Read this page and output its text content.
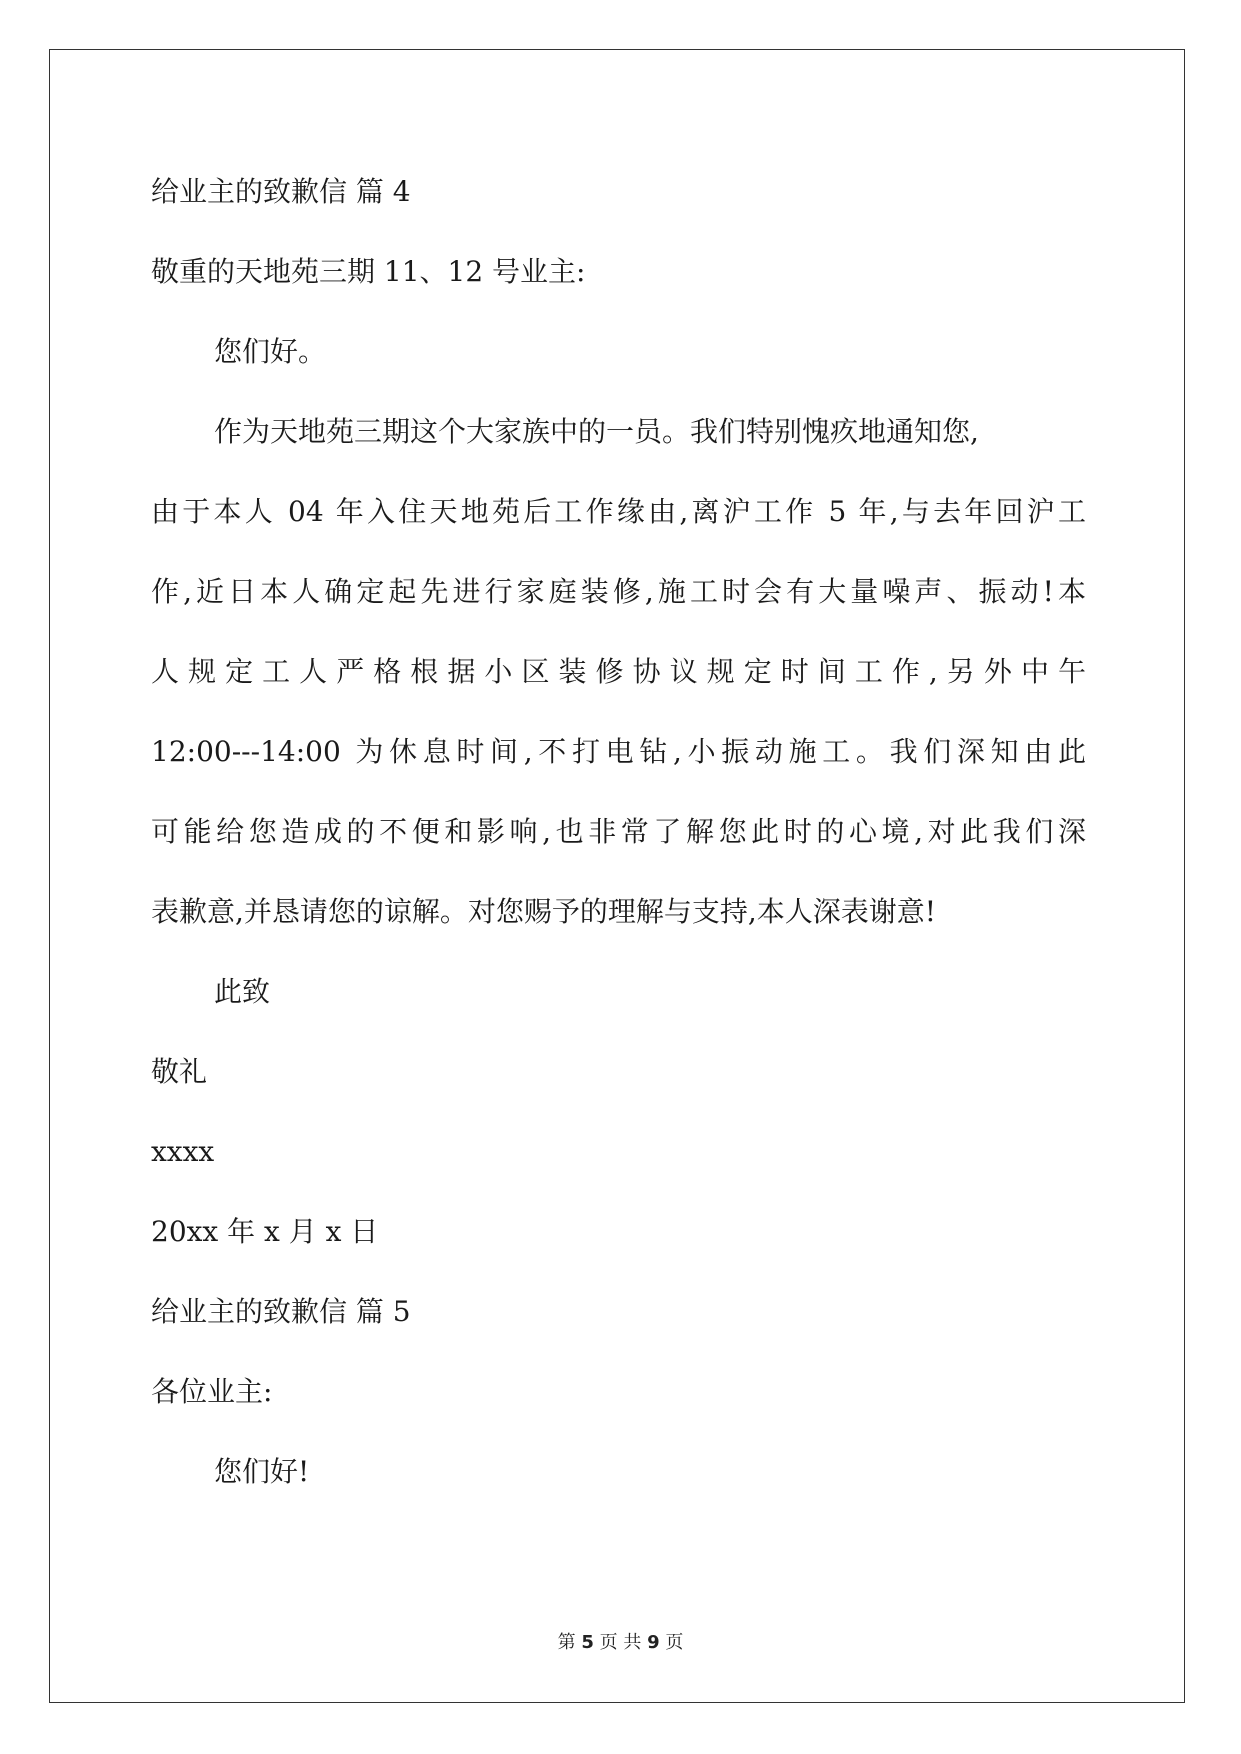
给业主的致歉信 篇 4
敬重的天地苑三期 11、12 号业主:
您们好。
作为天地苑三期这个大家族中的一员。我们特别愧疚地通知您,
由于本人 04 年入住天地苑后工作缘由,离沪工作 5 年,与去年回沪工
作,近日本人确定起先进行家庭装修,施工时会有大量噪声、振动!本
人规定工人严格根据小区装修协议规定时间工作,另外中午
12:00---14:00 为休息时间,不打电钻,小振动施工。我们深知由此
可能给您造成的不便和影响,也非常了解您此时的心境,对此我们深
表歉意,并恳请您的谅解。对您赐予的理解与支持,本人深表谢意!
此致
敬礼
xxxx
20xx 年 x 月 x 日
给业主的致歉信 篇 5
各位业主:
您们好!
第 5 页 共 9 页
